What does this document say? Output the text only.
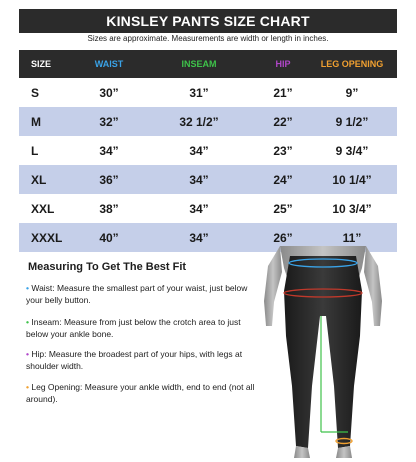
KINSLEY PANTS SIZE CHART
Sizes are approximate. Measurements are width or length in inches.
SIZE	WAIST	INSEAM	HIP	LEG OPENING
S	30”	31”	21”	9”
M	32”	32 1/2”	22”	9 1/2”
L	34”	34”	23”	9 3/4”
XL	36”	34”	24”	10 1/4”
XXL	38”	34”	25”	10 3/4”
XXXL	40”	34”	26”	11”
Measuring To Get The Best Fit
• Waist: Measure the smallest part of your waist, just below your belly button.
• Inseam: Measure from just below the crotch area to just below your ankle bone.
• Hip: Measure the broadest part of your hips, with legs at shoulder width.
• Leg Opening: Measure your ankle width, end to end (not all around).
